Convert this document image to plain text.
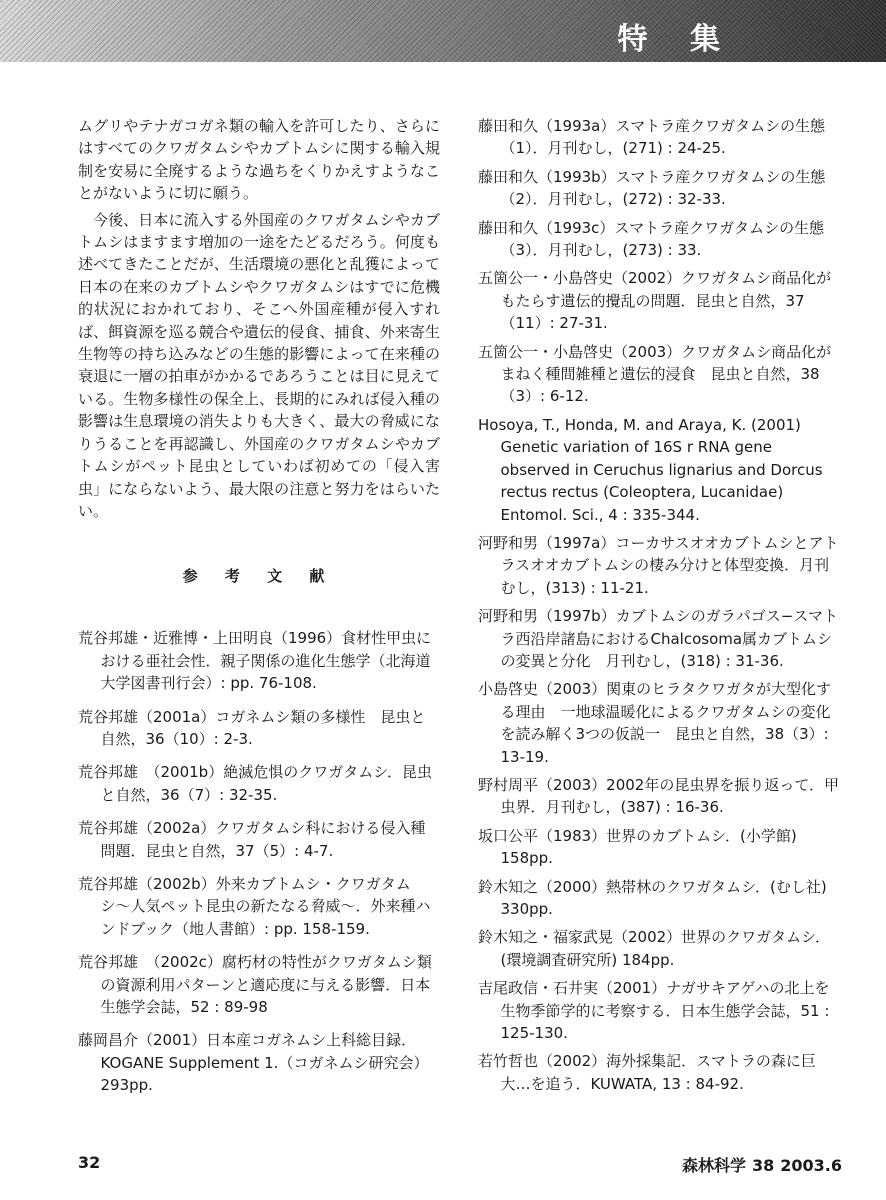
特 集

ムグリやテナガコガネ類の輸入を許可したり、さらにはすべてのクワガタムシやカブトムシに関する輸入規制を安易に全廃するような過ちをくりかえすようなことがないように切に願う。

今後、日本に流入する外国産のクワガタムシやカブトムシはますます増加の一途をたどるだろう。何度も述べてきたことだが、生活環境の悪化と乱獲によって日本の在来のカブトムシやクワガタムシはすでに危機的状況におかれており、そこへ外国産種が侵入すれば、餌資源を巡る競合や遺伝的侵食、捕食、外来寄生生物等の持ち込みなどの生態的影響によって在来種の衰退に一層の拍車がかかるであろうことは目に見えている。生物多様性の保全上、長期的にみれば侵入種の影響は生息環境の消失よりも大きく、最大の脅威になりうることを再認識し、外国産のクワガタムシやカブトムシがペット昆虫としていわば初めての「侵入害虫」にならないよう、最大限の注意と努力をはらいたい。

参 考 文 献

荒谷邦雄・近雅博・上田明良（1996）食材性甲虫における亜社会性．親子関係の進化生態学（北海道大学図書刊行会）: pp. 76-108.

荒谷邦雄（2001a）コガネムシ類の多様性　昆虫と自然，36（10）: 2-3.

荒谷邦雄　（2001b）絶滅危惧のクワガタムシ．昆虫と自然，36（7）: 32-35.

荒谷邦雄（2002a）クワガタムシ科における侵入種問題．昆虫と自然，37（5）: 4-7.

荒谷邦雄（2002b）外来カブトムシ・クワガタムシ〜人気ペット昆虫の新たなる脅威〜．外来種ハンドブック（地人書館）: pp. 158-159.

荒谷邦雄　（2002c）腐朽材の特性がクワガタムシ類の資源利用パターンと適応度に与える影響．日本生態学会誌，52 : 89-98

藤岡昌介（2001）日本産コガネムシ上科総目録．KOGANE Supplement 1.（コガネムシ研究会）293pp.

藤田和久（1993a）スマトラ産クワガタムシの生態（1）．月刊むし，(271) : 24-25.

藤田和久（1993b）スマトラ産クワガタムシの生態（2）．月刊むし，(272) : 32-33.

藤田和久（1993c）スマトラ産クワガタムシの生態（3）．月刊むし，(273) : 33.

五箇公一・小島啓史（2002）クワガタムシ商品化がもたらす遺伝的攪乱の問題．昆虫と自然，37（11）: 27-31.

五箇公一・小島啓史（2003）クワガタムシ商品化がまねく種間雑種と遺伝的浸食　昆虫と自然，38（3）: 6-12.

Hosoya, T., Honda, M. and Araya, K. (2001) Genetic variation of 16S r RNA gene observed in Ceruchus lignarius and Dorcus rectus rectus (Coleoptera, Lucanidae) Entomol. Sci., 4 : 335-344.

河野和男（1997a）コーカサスオオカブトムシとアトラスオオカブトムシの棲み分けと体型変換．月刊むし，(313) : 11-21.

河野和男（1997b）カブトムシのガラパゴス−スマトラ西沿岸諸島におけるChalcosoma属カブトムシの変異と分化　月刊むし，(318) : 31-36.

小島啓史（2003）関東のヒラタクワガタが大型化する理由　一地球温暖化によるクワガタムシの変化を読み解く3つの仮説一　昆虫と自然，38（3）: 13-19.

野村周平（2003）2002年の昆虫界を振り返って．甲虫界．月刊むし，(387) : 16-36.

坂口公平（1983）世界のカブトムシ．(小学館) 158pp.

鈴木知之（2000）熱帯林のクワガタムシ．(むし社) 330pp.

鈴木知之・福家武晃（2002）世界のクワガタムシ．(環境調査研究所) 184pp.

吉尾政信・石井実（2001）ナガサキアゲハの北上を生物季節学的に考察する．日本生態学会誌，51 : 125-130.

若竹哲也（2002）海外採集記．スマトラの森に巨大…を追う．KUWATA, 13 : 84-92.

32	森林科学 38 2003.6
